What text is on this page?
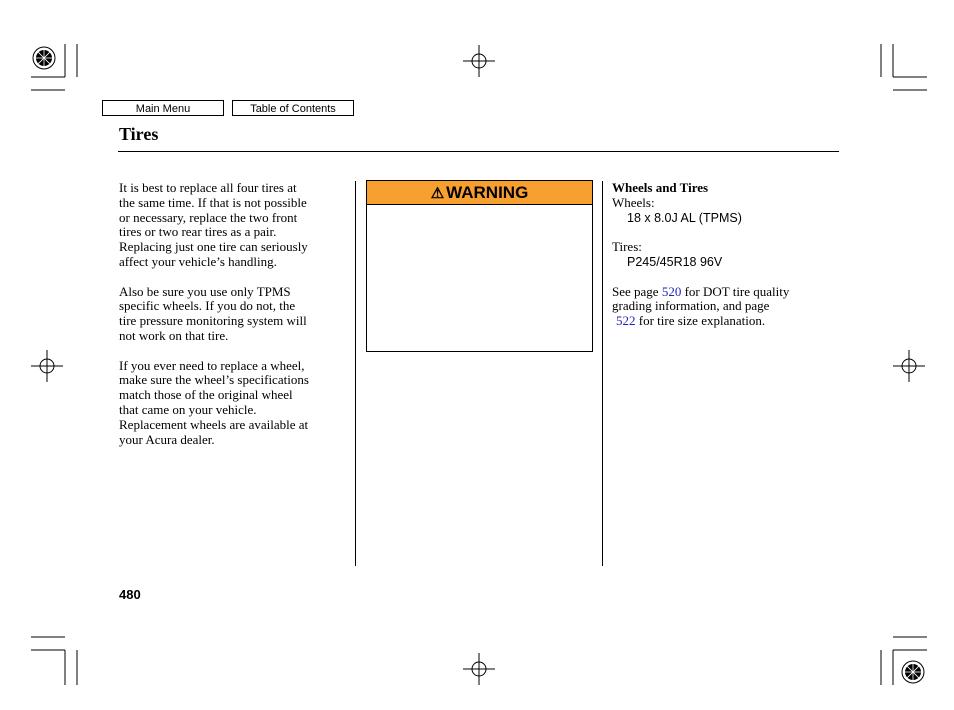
Main Menu	Table of Contents
Tires

It is best to replace all four tires at
the same time. If that is not possible
or necessary, replace the two front
tires or two rear tires as a pair.
Replacing just one tire can seriously
affect your vehicle’s handling.

Also be sure you use only TPMS
specific wheels. If you do not, the
tire pressure monitoring system will
not work on that tire.

If you ever need to replace a wheel,
make sure the wheel’s specifications
match those of the original wheel
that came on your vehicle.
Replacement wheels are available at
your Acura dealer.

⚠ WARNING	Wheels and Tires
Wheels:
18 x 8.0J AL (TPMS)
Tires:
P245/45R18 96V
See page 520 for DOT tire quality
grading information, and page
522 for tire size explanation.
480
